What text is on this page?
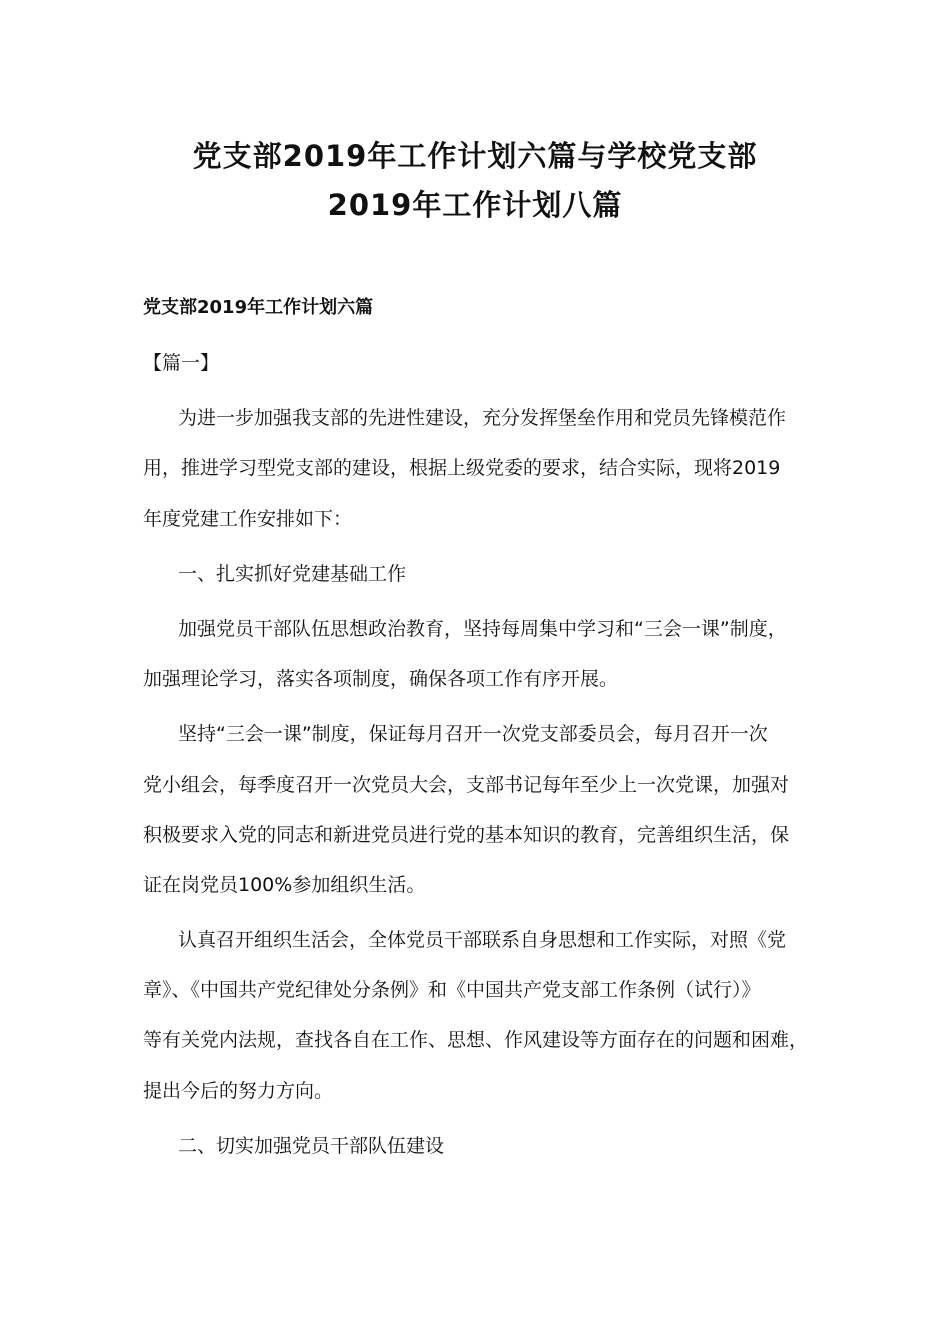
党支部2019年工作计划六篇与学校党支部
2019年工作计划八篇
党支部2019年工作计划六篇
【篇一】
为进一步加强我支部的先进性建设，充分发挥堡垒作用和党员先锋模范作
用，推进学习型党支部的建设，根据上级党委的要求，结合实际，现将2019
年度党建工作安排如下：
一、扎实抓好党建基础工作
加强党员干部队伍思想政治教育，坚持每周集中学习和“三会一课”制度，
加强理论学习，落实各项制度，确保各项工作有序开展。
坚持“三会一课”制度，保证每月召开一次党支部委员会，每月召开一次
党小组会，每季度召开一次党员大会，支部书记每年至少上一次党课，加强对
积极要求入党的同志和新进党员进行党的基本知识的教育，完善组织生活，保
证在岗党员100%参加组织生活。
认真召开组织生活会，全体党员干部联系自身思想和工作实际，对照《党
章》、《中国共产党纪律处分条例》和《中国共产党支部工作条例（试行）》
等有关党内法规，查找各自在工作、思想、作风建设等方面存在的问题和困难，
提出今后的努力方向。
二、切实加强党员干部队伍建设
